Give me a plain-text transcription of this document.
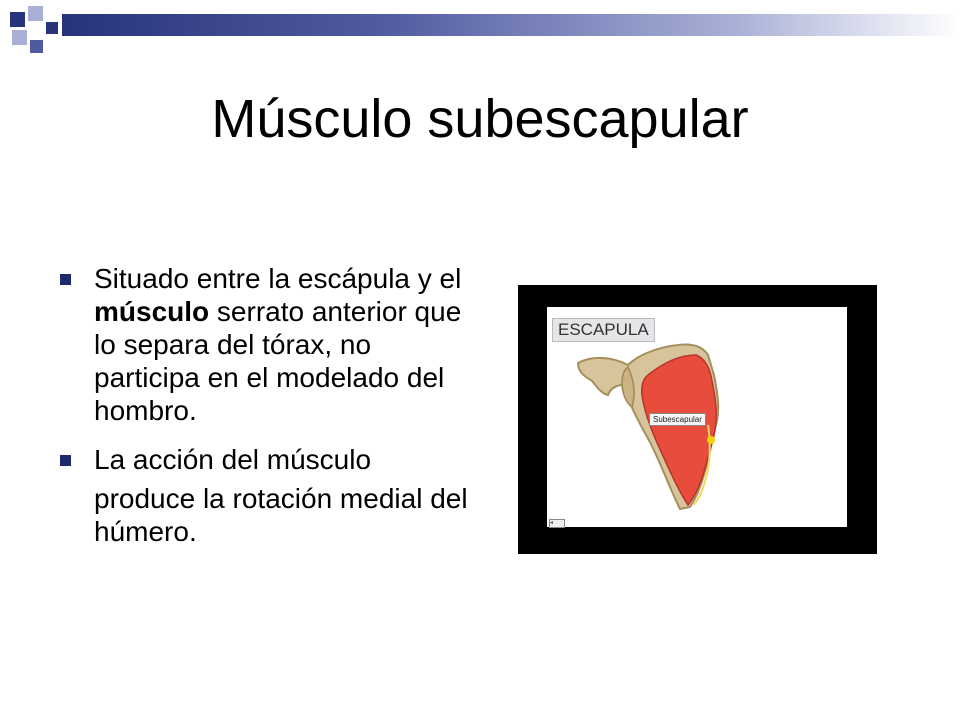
Músculo subescapular
Situado entre la escápula y el músculo serrato anterior que lo separa del tórax, no participa en el modelado del hombro.
La acción del músculo
produce la rotación medial del húmero.
ESCAPULA
Subescapular
◂
